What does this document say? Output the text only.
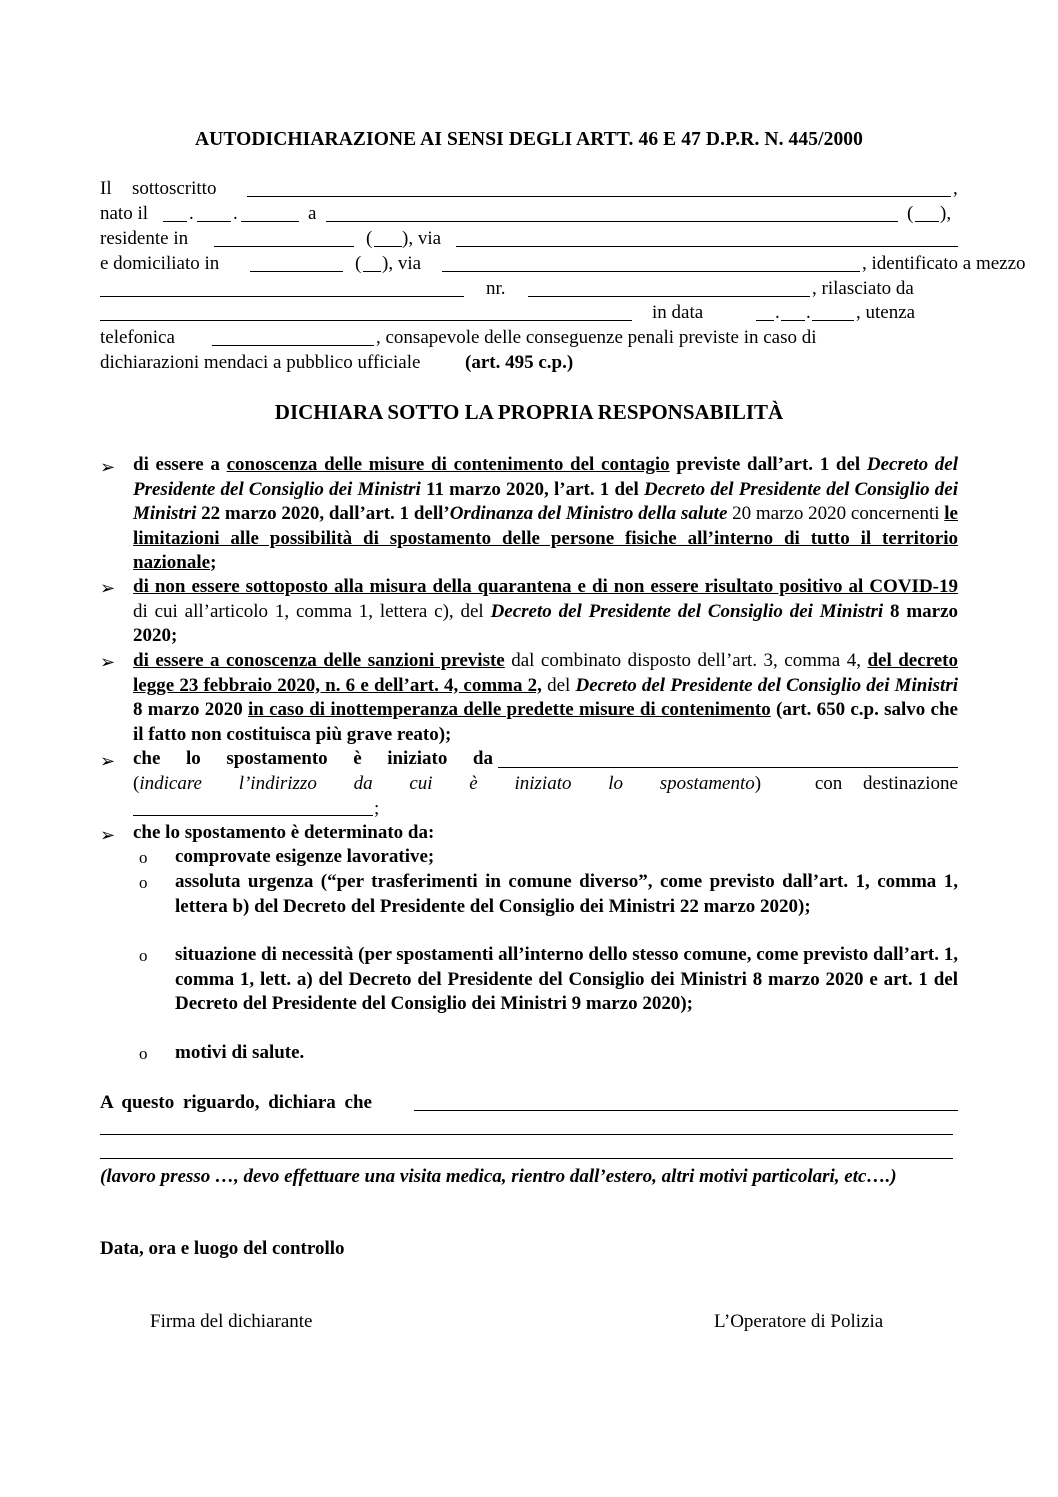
AUTODICHIARAZIONE AI SENSI DEGLI ARTT. 46 E 47 D.P.R. N. 445/2000
Il sottoscritto	,
nato il . .	a	( ),
residente in	( ), via
e domiciliato in	( ), via	, identificato a mezzo
nr.	, rilasciato da
in data	. . , utenza
telefonica	, consapevole delle conseguenze penali previste in caso di
dichiarazioni mendaci a pubblico ufficiale (art. 495 c.p.)
DICHIARA SOTTO LA PROPRIA RESPONSABILITÀ
➢ di essere a conoscenza delle misure di contenimento del contagio previste dall’art. 1 del Decreto del Presidente del Consiglio dei Ministri 11 marzo 2020, l’art. 1 del Decreto del Presidente del Consiglio dei Ministri 22 marzo 2020, dall’art. 1 dell’Ordinanza del Ministro della salute 20 marzo 2020 concernenti le limitazioni alle possibilità di spostamento delle persone fisiche all’interno di tutto il territorio nazionale;
➢ di non essere sottoposto alla misura della quarantena e di non essere risultato positivo al COVID-19 di cui all’articolo 1, comma 1, lettera c), del Decreto del Presidente del Consiglio dei Ministri 8 marzo 2020;
➢ di essere a conoscenza delle sanzioni previste dal combinato disposto dell’art. 3, comma 4, del decreto legge 23 febbraio 2020, n. 6 e dell’art. 4, comma 2, del Decreto del Presidente del Consiglio dei Ministri 8 marzo 2020 in caso di inottemperanza delle predette misure di contenimento (art. 650 c.p. salvo che il fatto non costituisca più grave reato);
➢ che lo spostamento è iniziato da
(indicare l’indirizzo da cui è iniziato lo spostamento)	con destinazione
;
➢ che lo spostamento è determinato da:
o comprovate esigenze lavorative;
o assoluta urgenza (“per trasferimenti in comune diverso”, come previsto dall’art. 1, comma 1, lettera b) del Decreto del Presidente del Consiglio dei Ministri 22 marzo 2020);
o situazione di necessità (per spostamenti all’interno dello stesso comune, come previsto dall’art. 1, comma 1, lett. a) del Decreto del Presidente del Consiglio dei Ministri 8 marzo 2020 e art. 1 del Decreto del Presidente del Consiglio dei Ministri 9 marzo 2020);
o motivi di salute.
A questo riguardo, dichiara che
(lavoro presso …, devo effettuare una visita medica, rientro dall’estero, altri motivi particolari, etc….)
Data, ora e luogo del controllo
Firma del dichiarante	L’Operatore di Polizia
